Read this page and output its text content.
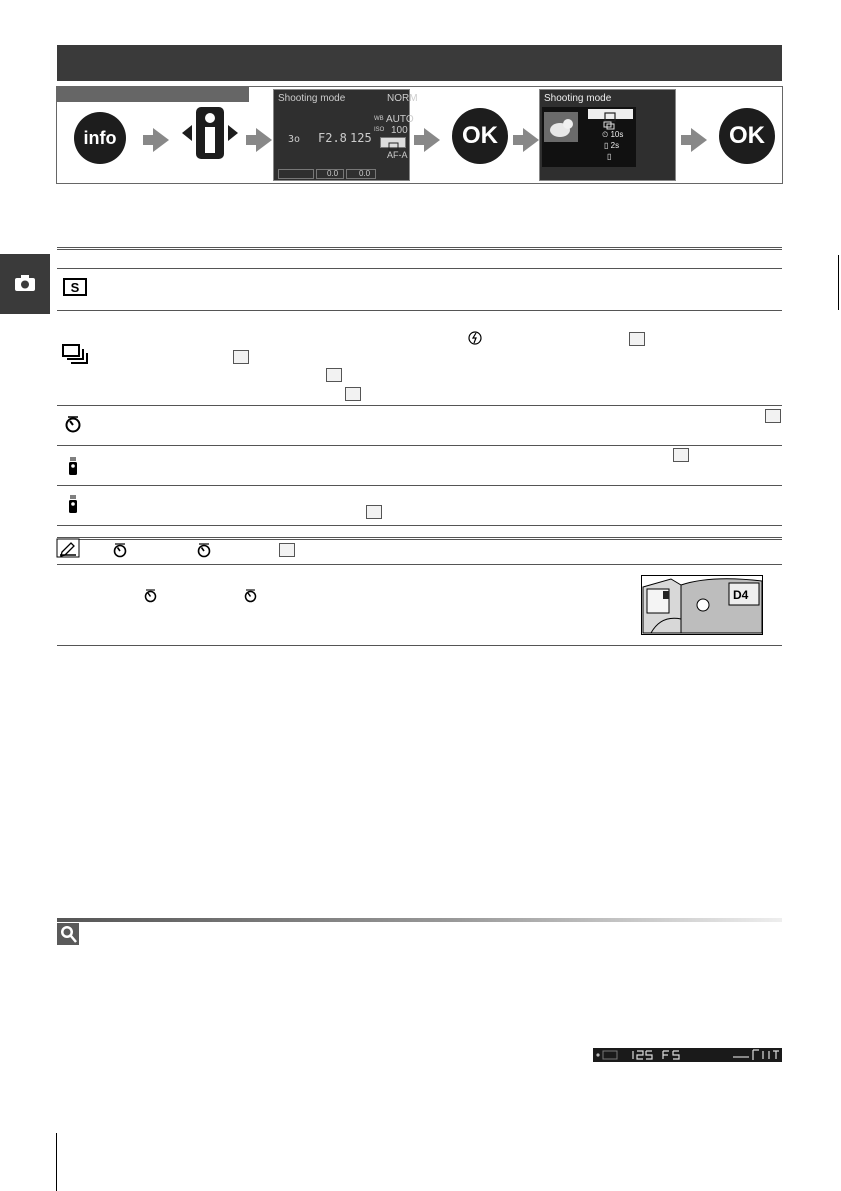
info
Shooting mode	NORM
WB AUTO
ISO 100
AF-A
3o F2.8 125
0.0	0.0
OK
Shooting mode
⏲ 10s
▯ 2s
▯
OK
S
D4
